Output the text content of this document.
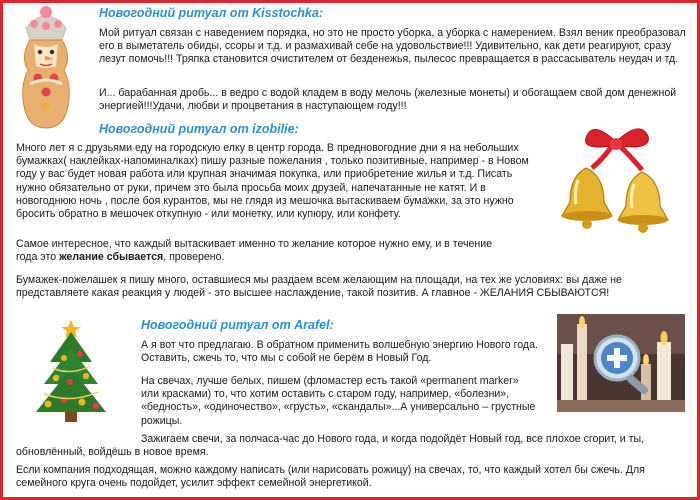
Новогодний ритуал от Kisstochka:
Мой ритуал связан с наведением порядка, но это не просто уборка, а уборка с намерением. Взял веник преобразовал его в выметатель обиды, ссоры и т.д. и размахивай себе на удовольствие!!! Удивительно, как дети реагируют, сразу лезут помочь!!! Тряпка становится очистителем от безденежья, пылесос превращается в рассасыватель неудач и тд.
И... барабанная дробь... в ведро с водой кладем в воду мелочь (железные монеты) и обогащаем свой дом денежной энергией!!!Удачи, любви и процветания в наступающем году!!!
Новогодний ритуал от izobilie:
Много лет я с друзьями еду на городскую елку в центр города. В предновогодние дни я на небольших бумажках( наклейках-напоминалках) пишу разные пожелания , только позитивные, например - в Новом году у вас будет новая работа или крупная значимая покупка, или приобретение жилья и т.д. Писать нужно обязательно от руки, причем это была просьба моих друзей, напечатанные не катят. И в новогоднюю ночь , после боя курантов, мы не глядя из мешочка вытаскиваем бумажки, за это нужно бросить обратно в мешочек откупную - или монетку, или купюру, или конфету.
Самое интересное, что каждый вытаскивает именно то желание которое нужно ему, и в течение года это желание сбывается, проверено.
Бумажек-пожелашек я пишу много, оставшиеся мы раздаем всем желающим на площади, на тех же условиях: вы даже не представляете какая реакция у людей - это высшее наслаждение, такой позитив. А главное - ЖЕЛАНИЯ СБЫВАЮТСЯ!
Новогодний ритуал от Arafel:
А я вот что предлагаю. В обратном применить волшебную энергию Нового года. Оставить, сжечь то, что мы с собой не берём в Новый Год.
На свечах, лучше белых, пишем (фломастер есть такой «permanent marker» или красками) то, что хотим оставить с старом году, например, «болезни», «бедность», «одиночество», «грусть», «скандалы»...А универсально – грустные рожицы.
Зажигаем свечи, за полчаса-час до Нового года, и когда подойдёт Новый год, все плохое сгорит, и ты, обновлённый, войдёшь в новое время.
Если компания подходящая, можно каждому написать (или нарисовать рожицу) на свечах, то, что каждый хотел бы сжечь. Для семейного круга очень подойдет, усилит эффект семейной энергетикой.
